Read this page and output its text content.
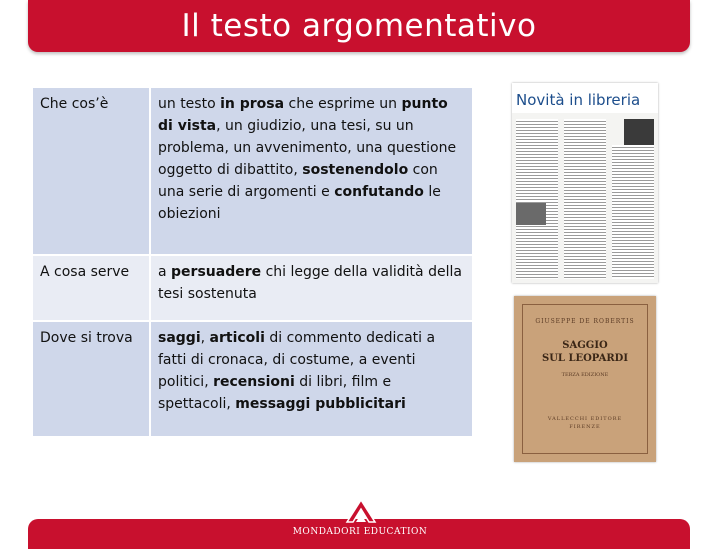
Il testo argomentativo
Che cos’è	un testo in prosa che esprime un punto di vista, un giudizio, una tesi, su un problema, un avvenimento, una questione oggetto di dibattito, sostenendolo con una serie di argomenti e confutando le obiezioni
A cosa serve	a persuadere chi legge della validità della tesi sostenuta
Dove si trova	saggi, articoli di commento dedicati a fatti di cronaca, di costume, a eventi politici, recensioni di libri, film e spettacoli, messaggi pubblicitari
Novità in libreria
GIUSEPPE DE ROBERTIS
SAGGIO
SUL LEOPARDI
TERZA EDIZIONE
VALLECCHI EDITORE
FIRENZE
MONDADORI EDUCATION
